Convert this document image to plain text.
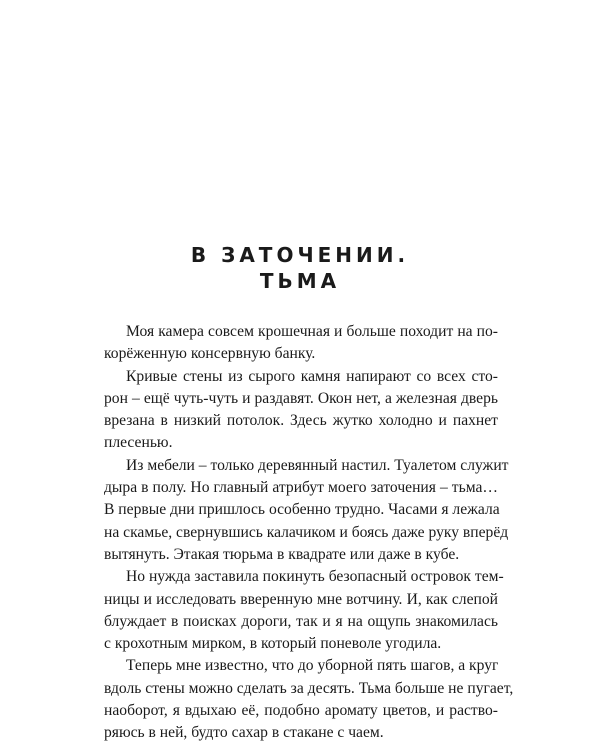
В ЗАТОЧЕНИИ.
ТЬМА

Моя камера совсем крошечная и больше походит на по-
корёженную консервную банку.

Кривые стены из сырого камня напирают со всех сто-
рон – ещё чуть-чуть и раздавят. Окон нет, а железная дверь
врезана в низкий потолок. Здесь жутко холодно и пахнет
плесенью.

Из мебели – только деревянный настил. Туалетом служит
дыра в полу. Но главный атрибут моего заточения – тьма…
В первые дни пришлось особенно трудно. Часами я лежала
на скамье, свернувшись калачиком и боясь даже руку вперёд
вытянуть. Этакая тюрьма в квадрате или даже в кубе.

Но нужда заставила покинуть безопасный островок тем-
ницы и исследовать вверенную мне вотчину. И, как слепой
блуждает в поисках дороги, так и я на ощупь знакомилась
с крохотным мирком, в который поневоле угодила.

Теперь мне известно, что до уборной пять шагов, а круг
вдоль стены можно сделать за десять. Тьма больше не пугает,
наоборот, я вдыхаю её, подобно аромату цветов, и раство-
ряюсь в ней, будто сахар в стакане с чаем.
